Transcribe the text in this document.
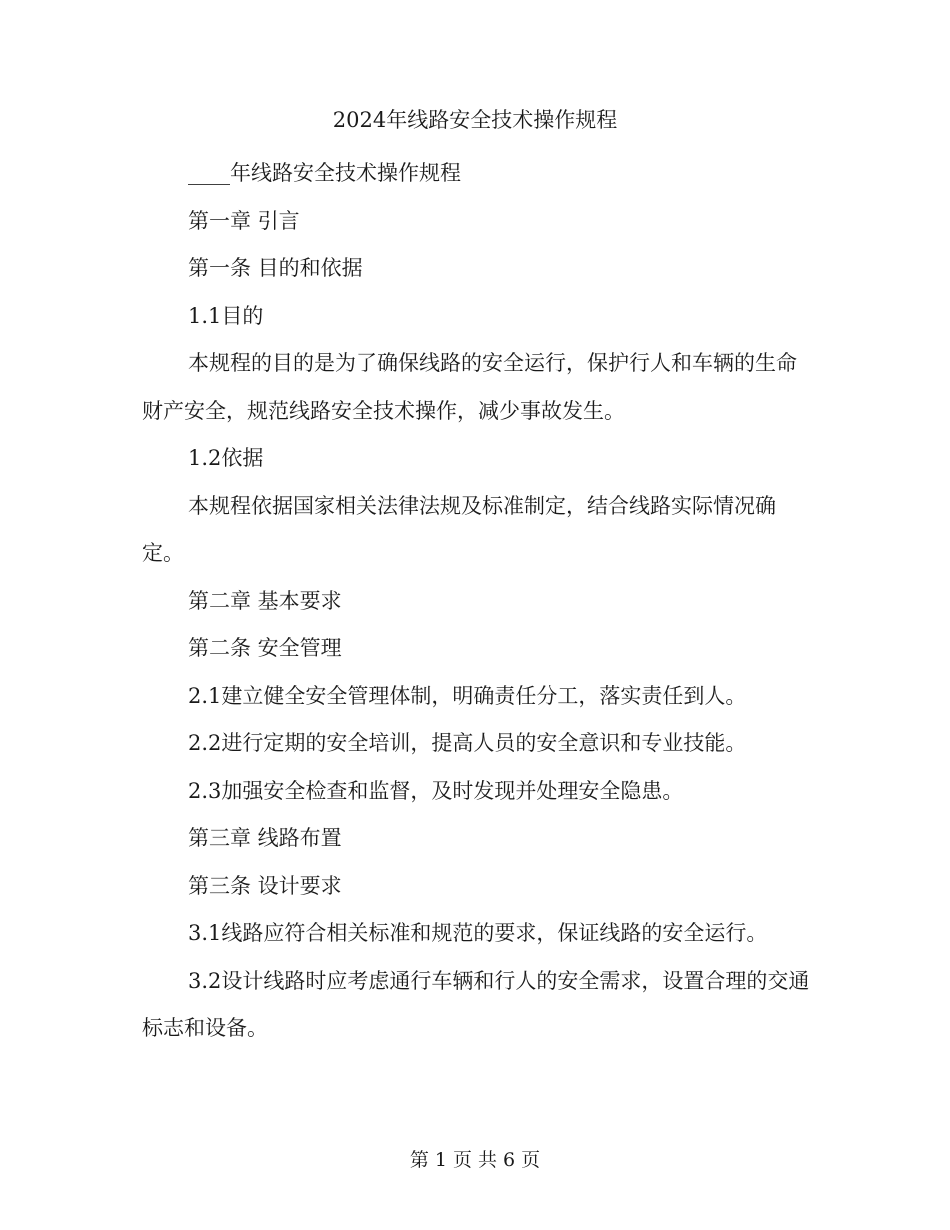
2024年线路安全技术操作规程

____年线路安全技术操作规程

第一章 引言

第一条 目的和依据

1.1目的

本规程的目的是为了确保线路的安全运行，保护行人和车辆的生命财产安全，规范线路安全技术操作，减少事故发生。

1.2依据

本规程依据国家相关法律法规及标准制定，结合线路实际情况确定。

第二章 基本要求

第二条 安全管理

2.1建立健全安全管理体制，明确责任分工，落实责任到人。

2.2进行定期的安全培训，提高人员的安全意识和专业技能。

2.3加强安全检查和监督，及时发现并处理安全隐患。

第三章 线路布置

第三条 设计要求

3.1线路应符合相关标准和规范的要求，保证线路的安全运行。

3.2设计线路时应考虑通行车辆和行人的安全需求，设置合理的交通标志和设备。

第 1 页 共 6 页
